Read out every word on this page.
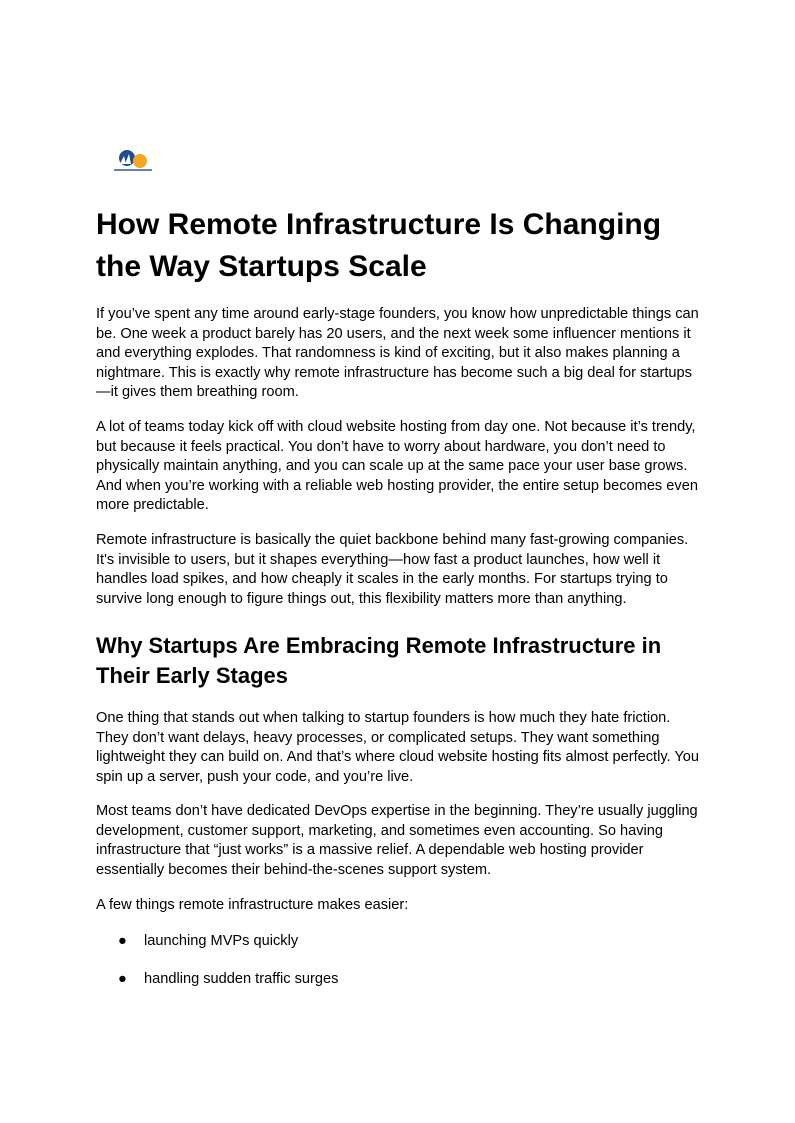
How Remote Infrastructure Is Changing the Way Startups Scale

If you’ve spent any time around early-stage founders, you know how unpredictable things can be. One week a product barely has 20 users, and the next week some influencer mentions it and everything explodes. That randomness is kind of exciting, but it also makes planning a nightmare. This is exactly why remote infrastructure has become such a big deal for startups—it gives them breathing room.

A lot of teams today kick off with cloud website hosting from day one. Not because it’s trendy, but because it feels practical. You don’t have to worry about hardware, you don’t need to physically maintain anything, and you can scale up at the same pace your user base grows. And when you’re working with a reliable web hosting provider, the entire setup becomes even more predictable.

Remote infrastructure is basically the quiet backbone behind many fast-growing companies. It's invisible to users, but it shapes everything—how fast a product launches, how well it handles load spikes, and how cheaply it scales in the early months. For startups trying to survive long enough to figure things out, this flexibility matters more than anything.

Why Startups Are Embracing Remote Infrastructure in Their Early Stages

One thing that stands out when talking to startup founders is how much they hate friction. They don’t want delays, heavy processes, or complicated setups. They want something lightweight they can build on. And that’s where cloud website hosting fits almost perfectly. You spin up a server, push your code, and you’re live.

Most teams don’t have dedicated DevOps expertise in the beginning. They’re usually juggling development, customer support, marketing, and sometimes even accounting. So having infrastructure that “just works” is a massive relief. A dependable web hosting provider essentially becomes their behind-the-scenes support system.

A few things remote infrastructure makes easier:

● launching MVPs quickly
● handling sudden traffic surges
